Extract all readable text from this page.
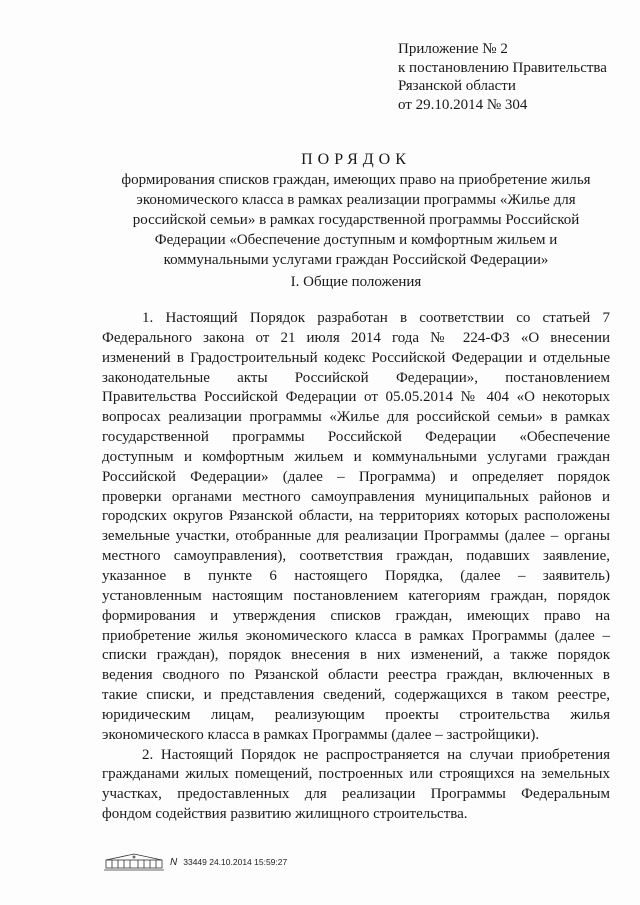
Приложение № 2
к постановлению Правительства
Рязанской области
от 29.10.2014 № 304
ПОРЯДОК
формирования списков граждан, имеющих право на приобретение жилья
экономического класса в рамках реализации программы «Жилье для
российской семьи» в рамках государственной программы Российской
Федерации «Обеспечение доступным и комфортным жильем и
коммунальными услугами граждан Российской Федерации»
I. Общие положения
1. Настоящий Порядок разработан в соответствии со статьей 7
Федерального закона от 21 июля 2014 года № 224-ФЗ «О внесении
изменений в Градостроительный кодекс Российской Федерации и отдельные
законодательные акты Российской Федерации», постановлением
Правительства Российской Федерации от 05.05.2014 № 404 «О некоторых
вопросах реализации программы «Жилье для российской семьи» в рамках
государственной программы Российской Федерации «Обеспечение
доступным и комфортным жильем и коммунальными услугами граждан
Российской Федерации» (далее – Программа) и определяет порядок
проверки органами местного самоуправления муниципальных районов и
городских округов Рязанской области, на территориях которых расположены
земельные участки, отобранные для реализации Программы (далее – органы
местного самоуправления), соответствия граждан, подавших заявление,
указанное в пункте 6 настоящего Порядка, (далее – заявитель)
установленным настоящим постановлением категориям граждан, порядок
формирования и утверждения списков граждан, имеющих право на
приобретение жилья экономического класса в рамках Программы (далее –
списки граждан), порядок внесения в них изменений, а также порядок
ведения сводного по Рязанской области реестра граждан, включенных в
такие списки, и представления сведений, содержащихся в таком реестре,
юридическим лицам, реализующим проекты строительства жилья
экономического класса в рамках Программы (далее – застройщики).
2. Настоящий Порядок не распространяется на случаи приобретения
гражданами жилых помещений, построенных или строящихся на земельных
участках, предоставленных для реализации Программы Федеральным
фондом содействия развитию жилищного строительства.
N 33449 24.10.2014 15:59:27
